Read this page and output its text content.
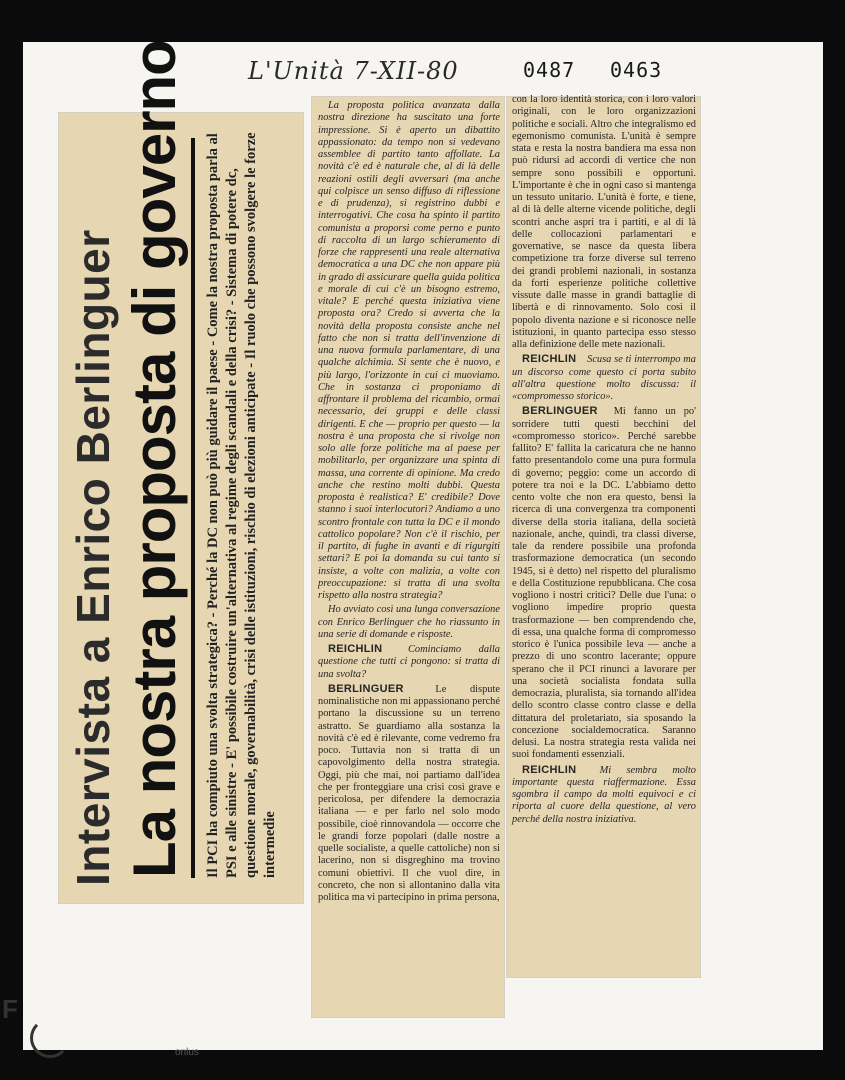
L'Unità 7-XII-80	0487 0463
Intervista a Enrico Berlinguer La nostra proposta di governo	Il PCI ha compiuto una svolta strategica? - Perché la DC non può più guidare il paese - Come la nostra proposta parla al PSI e alle sinistre - E' possibile costruire un'alternativa al regime degli scandali e della crisi? - Sistema di potere dc, questione morale, governabilità, crisi delle istituzioni, rischio di elezioni anticipate - Il ruolo che possono svolgere le forze intermedie

La proposta politica avanzata dalla nostra direzione ha suscitato una forte impressione. Si è aperto un dibattito appassionato: da tempo non si vedevano assemblee di partito tanto affollate. La novità c'è ed è naturale che, al di là delle reazioni ostili degli avversari (ma anche qui colpisce un senso diffuso di riflessione e di prudenza), si registrino dubbi e interrogativi. Che cosa ha spinto il partito comunista a proporsi come perno e punto di raccolta di un largo schieramento di forze che rappresenti una reale alternativa democratica a una DC che non appare più in grado di assicurare quella guida politica e morale di cui c'è un bisogno estremo, vitale? E perché questa iniziativa viene proposta ora? Credo si avverta che la novità della proposta consiste anche nel fatto che non si tratta dell'invenzione di una nuova formula parlamentare, di una qualche alchimia. Si sente che è nuovo, e più largo, l'orizzonte in cui ci muoviamo. Che in sostanza ci proponiamo di affrontare il problema del ricambio, ormai necessario, dei gruppi e delle classi dirigenti. E che — proprio per questo — la nostra è una proposta che si rivolge non solo alle forze politiche ma al paese per mobilitarlo, per organizzare una spinta di massa, una corrente di opinione. Ma credo anche che restino molti dubbi. Questa proposta è realistica? E' credibile? Dove stanno i suoi interlocutori? Andiamo a uno scontro frontale con tutta la DC e il mondo cattolico popolare? Non c'è il rischio, per il partito, di fughe in avanti e di rigurgiti settari? E poi la domanda su cui tanto si insiste, a volte con malizia, a volte con preoccupazione: si tratta di una svolta rispetto alla nostra strategia?

Ho avviato così una lunga conversazione con Enrico Berlinguer che ho riassunto in una serie di domande e risposte.

REICHLIN Cominciamo dalla questione che tutti ci pongono: si tratta di una svolta?

BERLINGUER	Le dispute nominalistiche non mi appassionano perché portano la discussione su un terreno astratto. Se guardiamo alla sostanza la novità c'è ed è rilevante, come vedremo fra poco. Tuttavia non si tratta di un capovolgimento della nostra strategia. Oggi, più che mai, noi partiamo dall'idea che per fronteggiare una crisi così grave e pericolosa, per difendere la democrazia italiana — e per farlo nel solo modo possibile, cioè rinnovandola — occorre che le grandi forze popolari (dalle nostre a quelle socialiste, a quelle cattoliche) non si lacerino, non si disgreghino ma trovino comuni obiettivi. Il che vuol dire, in concreto, che non si allontanino dalla vita politica ma vi partecipino in prima persona,

con la loro identità storica, con i loro valori originali, con le loro organizzazioni politiche e sociali. Altro che integralismo ed egemonismo comunista. L'unità è sempre stata e resta la nostra bandiera ma essa non può ridursi ad accordi di vertice che non sempre sono possibili e opportuni. L'importante è che in ogni caso si mantenga un tessuto unitario. L'unità è forte, e tiene, al di là delle alterne vicende politiche, degli scontri anche aspri tra i partiti, e al di là delle collocazioni parlamentari e governative, se nasce da questa libera competizione tra forze diverse sul terreno dei grandi problemi nazionali, in sostanza da forti esperienze politiche collettive vissute dalle masse in grandi battaglie di libertà e di rinnovamento. Solo così il popolo diventa nazione e si riconosce nelle istituzioni, in quanto partecipa esso stesso alla definizione delle mete nazionali.

REICHLIN Scusa se ti interrompo ma un discorso come questo ci porta subito all'altra questione molto discussa: il «compromesso storico».

BERLINGUER Mi fanno un po' sorridere tutti questi becchini del «compromesso storico». Perché sarebbe fallito? E' fallita la caricatura che ne hanno fatto presentandolo come una pura formula di governo; peggio: come un accordo di potere tra noi e la DC. L'abbiamo detto cento volte che non era questo, bensì la ricerca di una convergenza tra componenti diverse della storia italiana, della società nazionale, anche, quindi, tra classi diverse, tale da rendere possibile una profonda trasformazione democratica (un secondo 1945, si è detto) nel rispetto del pluralismo e della Costituzione repubblicana. Che cosa vogliono i nostri critici? Delle due l'una: o vogliono impedire proprio questa trasformazione — ben comprendendo che, di essa, una qualche forma di compromesso storico è l'unica possibile leva — anche a prezzo di uno scontro lacerante; oppure sperano che il PCI rinunci a lavorare per una società socialista fondata sulla democrazia, pluralista, sia tornando all'idea dello scontro classe contro classe e della dittatura del proletariato, sia sposando la concezione socialdemocratica. Saranno delusi. La nostra strategia resta valida nei suoi fondamenti essenziali.

REICHLIN Mi sembra molto importante questa riaffermazione. Essa sgombra il campo da molti equivoci e ci riporta al cuore della questione, al vero perché della nostra iniziativa.

F
onlus
